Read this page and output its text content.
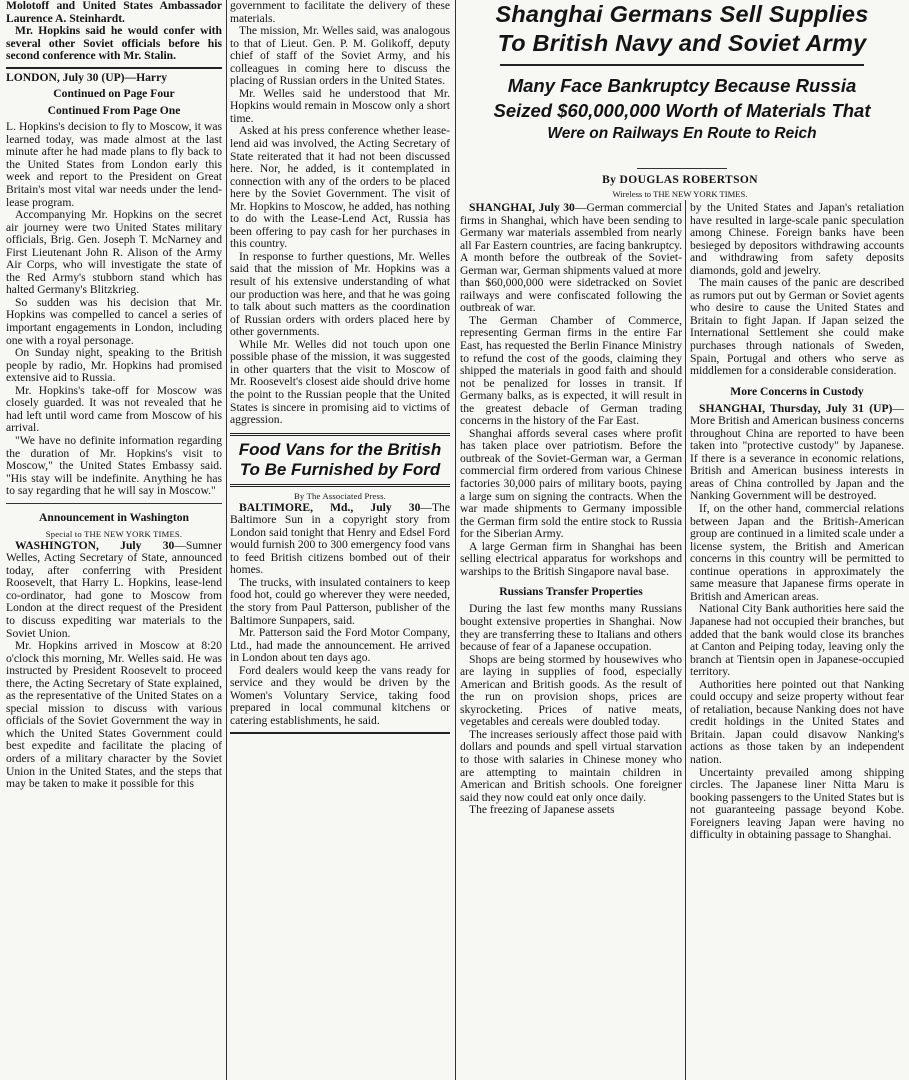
Molotoff and United States Ambassador Laurence A. Steinhardt.

Mr. Hopkins said he would confer with several other Soviet officials before his second conference with Mr. Stalin.

LONDON, July 30 (UP)—Harry

Continued on Page Four
Continued From Page One

L. Hopkins's decision to fly to Moscow, it was learned today, was made almost at the last minute after he had made plans to fly back to the United States from London early this week and report to the President on Great Britain's most vital war needs under the lend-lease program.

Accompanying Mr. Hopkins on the secret air journey were two United States military officials, Brig. Gen. Joseph T. McNarney and First Lieutenant John R. Alison of the Army Air Corps, who will investigate the state of the Red Army's stubborn stand which has halted Germany's Blitzkrieg.

So sudden was his decision that Mr. Hopkins was compelled to cancel a series of important engagements in London, including one with a royal personage.

On Sunday night, speaking to the British people by radio, Mr. Hopkins had promised extensive aid to Russia.

Mr. Hopkins's take-off for Moscow was closely guarded. It was not revealed that he had left until word came from Moscow of his arrival.

"We have no definite information regarding the duration of Mr. Hopkins's visit to Moscow," the United States Embassy said. "His stay will be indefinite. Anything he has to say regarding that he will say in Moscow."

Announcement in Washington
Special to THE NEW YORK TIMES.

WASHINGTON, July 30—Sumner Welles, Acting Secretary of State, announced today, after conferring with President Roosevelt, that Harry L. Hopkins, lease-lend co-ordinator, had gone to Moscow from London at the direct request of the President to discuss expediting war materials to the Soviet Union.

Mr. Hopkins arrived in Moscow at 8:20 o'clock this morning, Mr. Welles said. He was instructed by President Roosevelt to proceed there, the Acting Secretary of State explained, as the representative of the United States on a special mission to discuss with various officials of the Soviet Government the way in which the United States Government could best expedite and facilitate the placing of orders of a military character by the Soviet Union in the United States, and the steps that may be taken to make it possible for this

government to facilitate the delivery of these materials.

The mission, Mr. Welles said, was analogous to that of Lieut. Gen. P. M. Golikoff, deputy chief of staff of the Soviet Army, and his colleagues in coming here to discuss the placing of Russian orders in the United States.

Mr. Welles said he understood that Mr. Hopkins would remain in Moscow only a short time.

Asked at his press conference whether lease-lend aid was involved, the Acting Secretary of State reiterated that it had not been discussed here. Nor, he added, is it contemplated in connection with any of the orders to be placed here by the Soviet Government. The visit of Mr. Hopkins to Moscow, he added, has nothing to do with the Lease-Lend Act, Russia has been offering to pay cash for her purchases in this country.

In response to further questions, Mr. Welles said that the mission of Mr. Hopkins was a result of his extensive understanding of what our production was here, and that he was going to talk about such matters as the coordination of Russian orders with orders placed here by other governments.

While Mr. Welles did not touch upon one possible phase of the mission, it was suggested in other quarters that the visit to Moscow of Mr. Roosevelt's closest aide should drive home the point to the Russian people that the United States is sincere in promising aid to victims of aggression.

Food Vans for the British
To Be Furnished by Ford
By The Associated Press.

BALTIMORE, Md., July 30—The Baltimore Sun in a copyright story from London said tonight that Henry and Edsel Ford would furnish 200 to 300 emergency food vans to feed British citizens bombed out of their homes.

The trucks, with insulated containers to keep food hot, could go wherever they were needed, the story from Paul Patterson, publisher of the Baltimore Sunpapers, said.

Mr. Patterson said the Ford Motor Company, Ltd., had made the announcement. He arrived in London about ten days ago.

Ford dealers would keep the vans ready for service and they would be driven by the Women's Voluntary Service, taking food prepared in local communal kitchens or catering establishments, he said.

Shanghai Germans Sell Supplies
To British Navy and Soviet Army
Many Face Bankruptcy Because Russia
Seized $60,000,000 Worth of Materials That
Were on Railways En Route to Reich
By DOUGLAS ROBERTSON
Wireless to THE NEW YORK TIMES.

SHANGHAI, July 30—German commercial firms in Shanghai, which have been sending to Germany war materials assembled from nearly all Far Eastern countries, are facing bankruptcy. A month before the outbreak of the Soviet-German war, German shipments valued at more than $60,000,000 were sidetracked on Soviet railways and were confiscated following the outbreak of war.

The German Chamber of Commerce, representing German firms in the entire Far East, has requested the Berlin Finance Ministry to refund the cost of the goods, claiming they shipped the materials in good faith and should not be penalized for losses in transit. If Germany balks, as is expected, it will result in the greatest debacle of German trading concerns in the history of the Far East.

Shanghai affords several cases where profit has taken place over patriotism. Before the outbreak of the Soviet-German war, a German commercial firm ordered from various Chinese factories 30,000 pairs of military boots, paying a large sum on signing the contracts. When the war made shipments to Germany impossible the German firm sold the entire stock to Russia for the Siberian Army.

A large German firm in Shanghai has been selling electrical apparatus for workshops and warships to the British Singapore naval base.

Russians Transfer Properties

During the last few months many Russians bought extensive properties in Shanghai. Now they are transferring these to Italians and others because of fear of a Japanese occupation.

Shops are being stormed by housewives who are laying in supplies of food, especially American and British goods. As the result of the run on provision shops, prices are skyrocketing. Prices of native meats, vegetables and cereals were doubled today.

The increases seriously affect those paid with dollars and pounds and spell virtual starvation to those with salaries in Chinese money who are attempting to maintain children in American and British schools. One foreigner said they now could eat only once daily.

The freezing of Japanese assets

by the United States and Japan's retaliation have resulted in large-scale panic speculation among Chinese. Foreign banks have been besieged by depositors withdrawing accounts and withdrawing from safety deposits diamonds, gold and jewelry.

The main causes of the panic are described as rumors put out by German or Soviet agents who desire to cause the United States and Britain to fight Japan. If Japan seized the International Settlement she could make purchases through nationals of Sweden, Spain, Portugal and others who serve as middlemen for a considerable consideration.

More Concerns in Custody

SHANGHAI, Thursday, July 31 (UP)—More British and American business concerns throughout China are reported to have been taken into "protective custody" by Japanese. If there is a severance in economic relations, British and American business interests in areas of China controlled by Japan and the Nanking Government will be destroyed.

If, on the other hand, commercial relations between Japan and the British-American group are continued in a limited scale under a license system, the British and American concerns in this country will be permitted to continue operations in approximately the same measure that Japanese firms operate in British and American areas.

National City Bank authorities here said the Japanese had not occupied their branches, but added that the bank would close its branches at Canton and Peiping today, leaving only the branch at Tientsin open in Japanese-occupied territory.

Authorities here pointed out that Nanking could occupy and seize property without fear of retaliation, because Nanking does not have credit holdings in the United States and Britain. Japan could disavow Nanking's actions as those taken by an independent nation.

Uncertainty prevailed among shipping circles. The Japanese liner Nitta Maru is booking passengers to the United States but is not guaranteeing passage beyond Kobe. Foreigners leaving Japan were having no difficulty in obtaining passage to Shanghai.
